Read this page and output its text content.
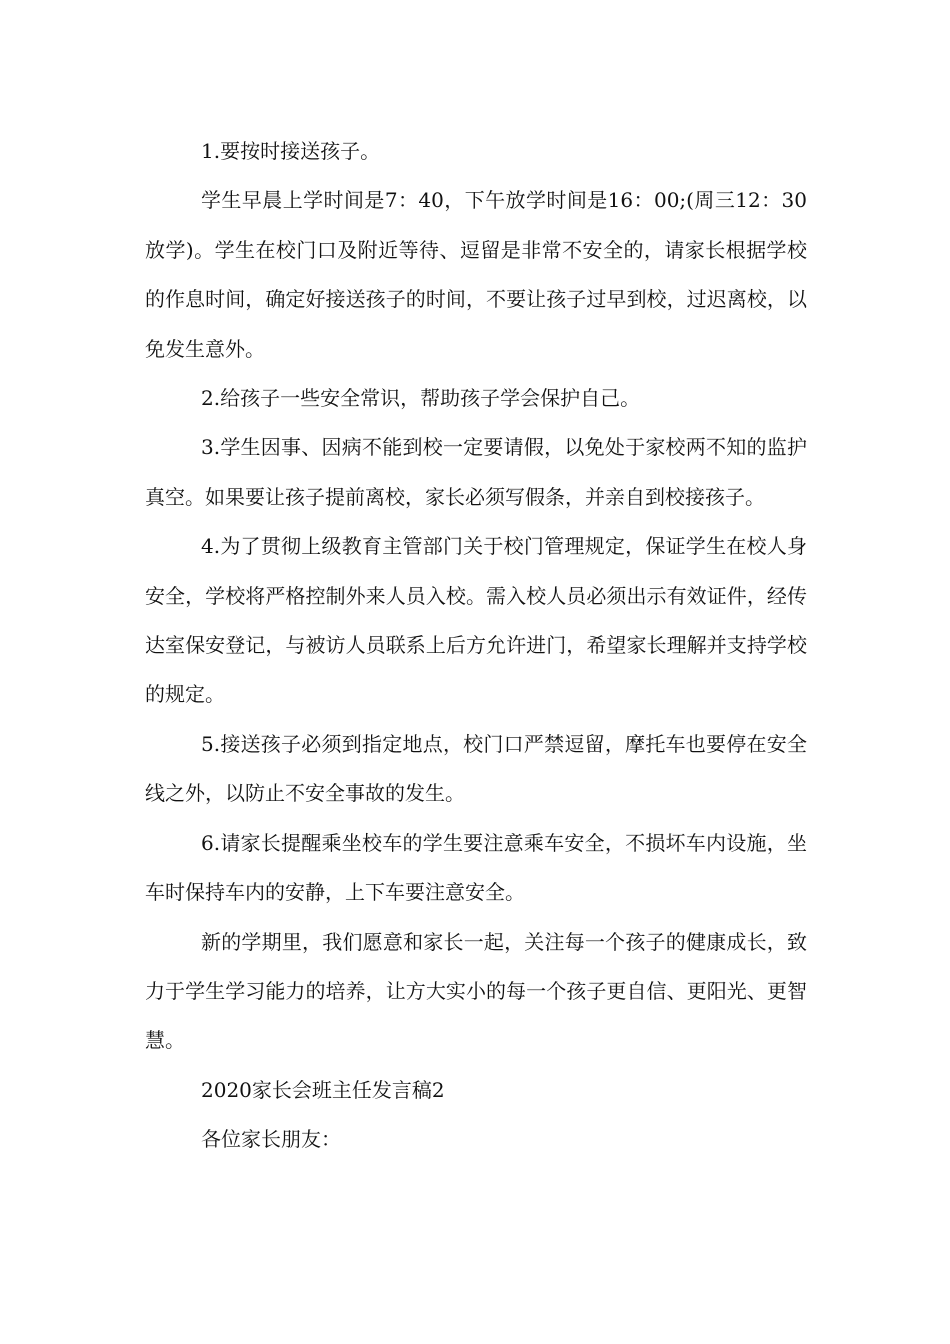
1.要按时接送孩子。

学生早晨上学时间是7：40，下午放学时间是16：00;(周三12：30放学)。学生在校门口及附近等待、逗留是非常不安全的，请家长根据学校的作息时间，确定好接送孩子的时间，不要让孩子过早到校，过迟离校，以免发生意外。

2.给孩子一些安全常识，帮助孩子学会保护自己。

3.学生因事、因病不能到校一定要请假，以免处于家校两不知的监护真空。如果要让孩子提前离校，家长必须写假条，并亲自到校接孩子。

4.为了贯彻上级教育主管部门关于校门管理规定，保证学生在校人身安全，学校将严格控制外来人员入校。需入校人员必须出示有效证件，经传达室保安登记，与被访人员联系上后方允许进门，希望家长理解并支持学校的规定。

5.接送孩子必须到指定地点，校门口严禁逗留，摩托车也要停在安全线之外，以防止不安全事故的发生。

6.请家长提醒乘坐校车的学生要注意乘车安全，不损坏车内设施，坐车时保持车内的安静，上下车要注意安全。

新的学期里，我们愿意和家长一起，关注每一个孩子的健康成长，致力于学生学习能力的培养，让方大实小的每一个孩子更自信、更阳光、更智慧。

2020家长会班主任发言稿2

各位家长朋友：
